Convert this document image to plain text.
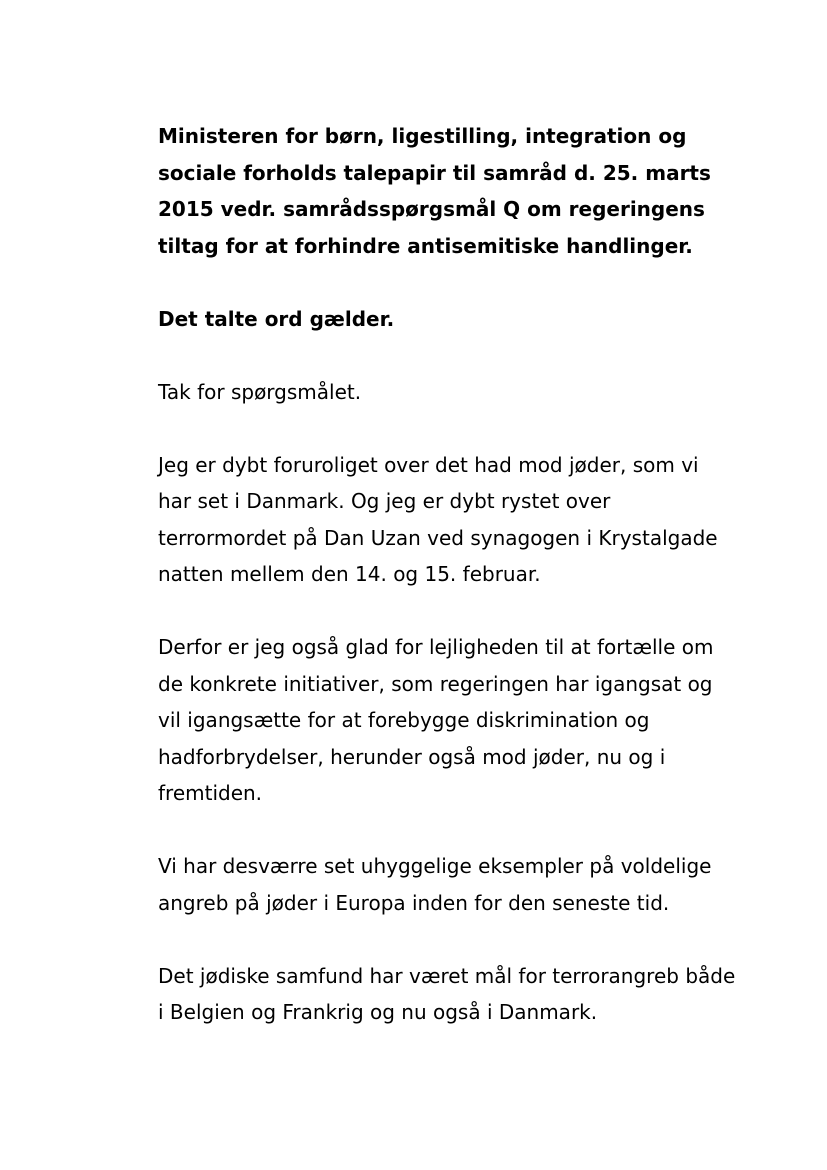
Ministeren for børn, ligestilling, integration og sociale forholds talepapir til samråd d. 25. marts 2015 vedr. samrådsspørgsmål Q om regeringens tiltag for at forhindre antisemitiske handlinger.

Det talte ord gælder.

Tak for spørgsmålet.

Jeg er dybt foruroliget over det had mod jøder, som vi har set i Danmark. Og jeg er dybt rystet over terrormordet på Dan Uzan ved synagogen i Krystalgade natten mellem den 14. og 15. februar.

Derfor er jeg også glad for lejligheden til at fortælle om de konkrete initiativer, som regeringen har igangsat og vil igangsætte for at forebygge diskrimination og hadforbrydelser, herunder også mod jøder, nu og i fremtiden.

Vi har desværre set uhyggelige eksempler på voldelige angreb på jøder i Europa inden for den seneste tid.

Det jødiske samfund har været mål for terrorangreb både i Belgien og Frankrig og nu også i Danmark.
